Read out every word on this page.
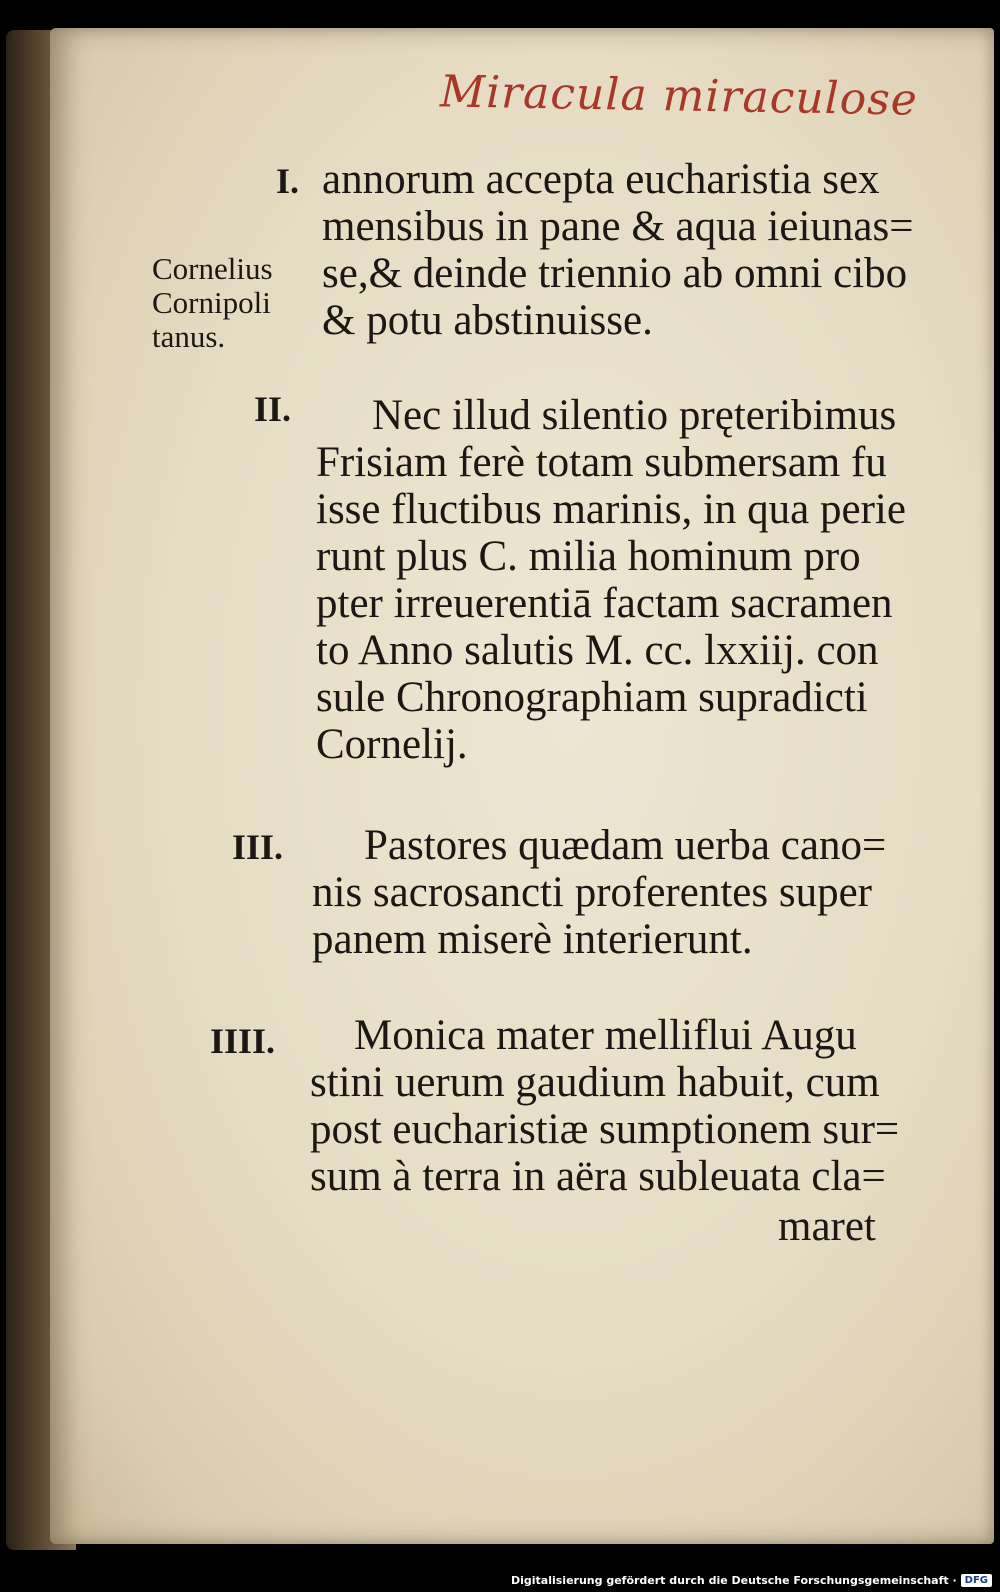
Miracula miraculose
Cornelius
Cornipoli
tanus.
I. annorum accepta eucharistia sex
mensibus in pane & aqua ieiunas=
se,& deinde triennio ab omni cibo
& potu abstinuisse.
II.	Nec illud silentio pręteribimus
Frisiam ferè totam submersam fu
isse fluctibus marinis, in qua perie
runt plus C. milia hominum pro
pter irreuerentiā factam sacramen
to Anno salutis M. cc. lxxiij. con
sule Chronographiam supradicti
Cornelij.
III.	Pastores quædam uerba cano=
nis sacrosancti proferentes super
panem miserè interierunt.
IIII.	Monica mater melliflui Augu
stini uerum gaudium habuit, cum
post eucharistiæ sumptionem sur=
sum à terra in aëra subleuata cla=
maret
Digitalisierung gefördert durch die Deutsche Forschungsgemeinschaft · DFG
